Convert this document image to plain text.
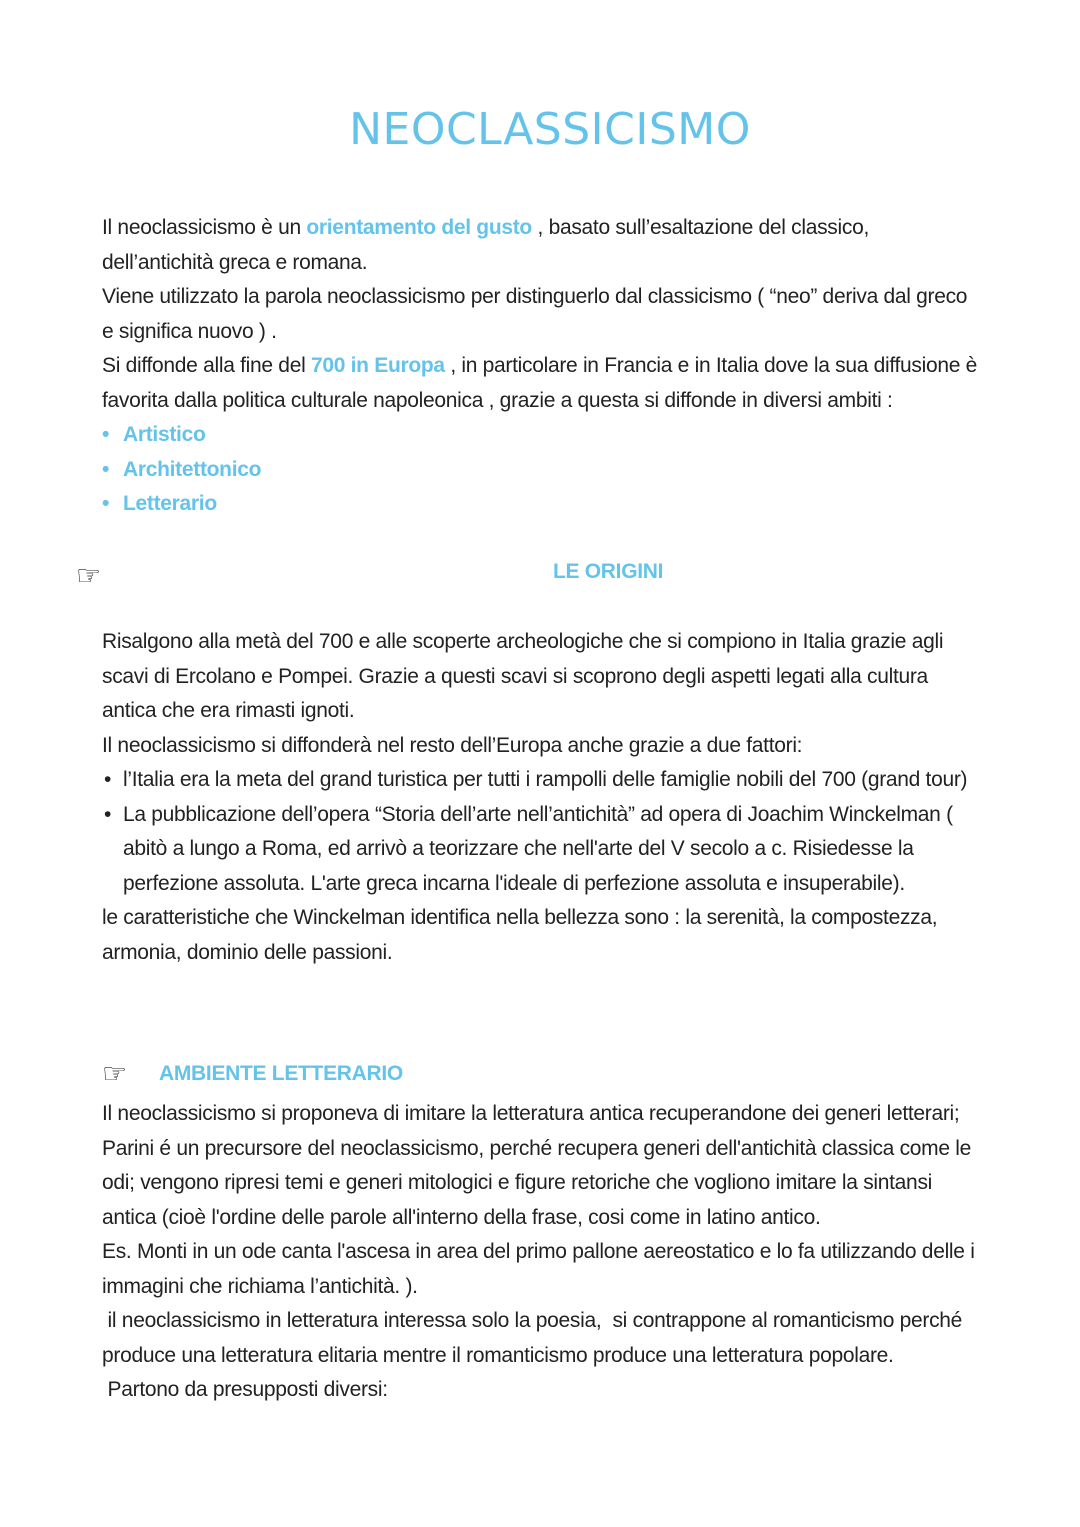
NEOCLASSICISMO

Il neoclassicismo è un orientamento del gusto , basato sull’esaltazione del classico, dell’antichità greca e romana.

Viene utilizzato la parola neoclassicismo per distinguerlo dal classicismo ( “neo” deriva dal greco e significa nuovo ) .

Si diffonde alla fine del 700 in Europa , in particolare in Francia e in Italia dove la sua diffusione è favorita dalla politica culturale napoleonica , grazie a questa si diffonde in diversi ambiti :

• Artistico
• Architettonico
• Letterario
☞	LE ORIGINI

Risalgono alla metà del 700 e alle scoperte archeologiche che si compiono in Italia grazie agli scavi di Ercolano e Pompei. Grazie a questi scavi si scoprono degli aspetti legati alla cultura antica che era rimasti ignoti.

Il neoclassicismo si diffonderà nel resto dell’Europa anche grazie a due fattori:

• l’Italia era la meta del grand turistica per tutti i rampolli delle famiglie nobili del 700 (grand tour)
• La pubblicazione dell’opera “Storia dell’arte nell’antichità” ad opera di Joachim Winckelman ( abitò a lungo a Roma, ed arrivò a teorizzare che nell'arte del V secolo a c. Risiedesse la perfezione assoluta. L'arte greca incarna l'ideale di perfezione assoluta e insuperabile).

le caratteristiche che Winckelman identifica nella bellezza sono : la serenità, la compostezza, armonia, dominio delle passioni.

☞ AMBIENTE LETTERARIO

Il neoclassicismo si proponeva di imitare la letteratura antica recuperandone dei generi letterari; Parini é un precursore del neoclassicismo, perché recupera generi dell'antichità classica come le odi; vengono ripresi temi e generi mitologici e figure retoriche che vogliono imitare la sintansi antica (cioè l'ordine delle parole all'interno della frase, cosi come in latino antico.

Es. Monti in un ode canta l'ascesa in area del primo pallone aereostatico e lo fa utilizzando delle i immagini che richiama l’antichità. ).

il neoclassicismo in letteratura interessa solo la poesia,  si contrappone al romanticismo perché produce una letteratura elitaria mentre il romanticismo produce una letteratura popolare.

Partono da presupposti diversi:
